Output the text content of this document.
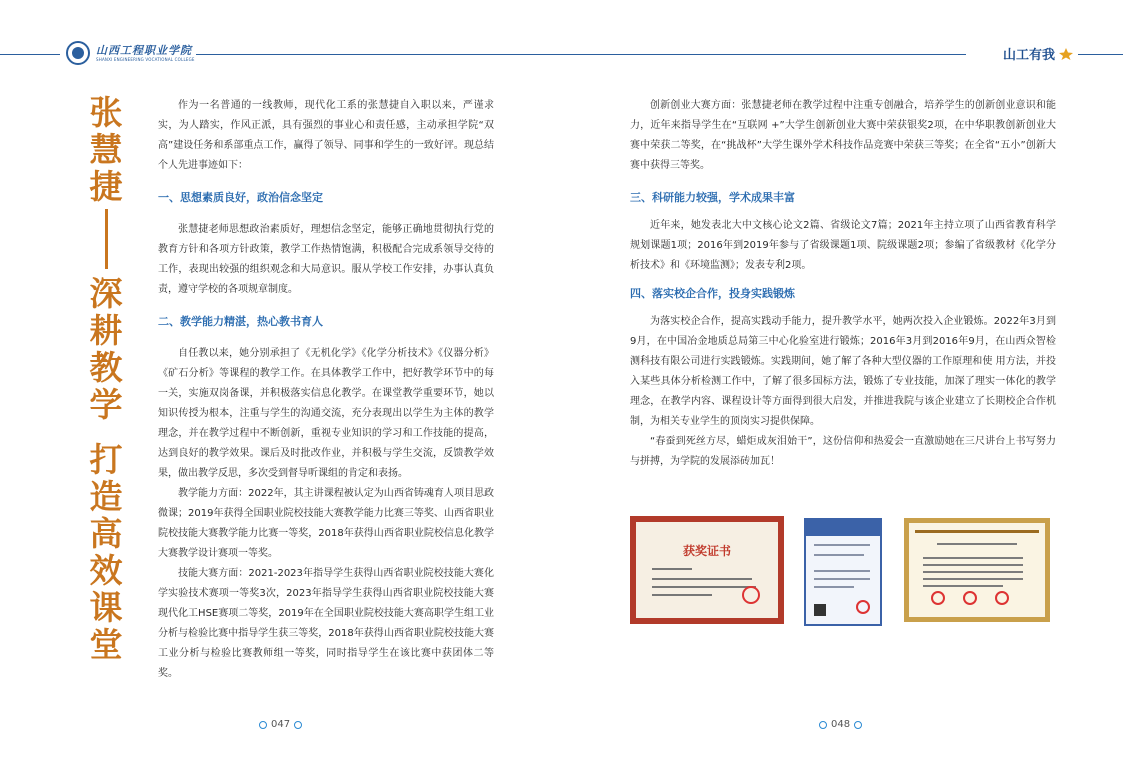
山西工程职业学院
SHANXI ENGINEERING VOCATIONAL COLLEGE	山工有我
张
慧
捷
深
耕
教
学
打
造
高
效
课
堂

作为一名普通的一线教师，现代化工系的张慧捷自入职以来，严谨求实，为人踏实，作风正派，具有强烈的事业心和责任感，主动承担学院“双高”建设任务和系部重点工作，赢得了领导、同事和学生的一致好评。现总结个人先进事迹如下：

一、思想素质良好，政治信念坚定

张慧捷老师思想政治素质好，理想信念坚定，能够正确地贯彻执行党的教育方针和各项方针政策，教学工作热情饱满，积极配合完成系领导交待的工作，表现出较强的组织观念和大局意识。服从学校工作安排，办事认真负责，遵守学校的各项规章制度。

二、教学能力精湛，热心教书育人

自任教以来，她分别承担了《无机化学》《化学分析技术》《仪器分析》《矿石分析》等课程的教学工作。在具体教学工作中，把好教学环节中的每一关，实施双岗备课，并积极落实信息化教学。在课堂教学重要环节，她以知识传授为根本，注重与学生的沟通交流，充分表现出以学生为主体的教学理念，并在教学过程中不断创新，重视专业知识的学习和工作技能的提高，达到良好的教学效果。课后及时批改作业，并积极与学生交流，反馈教学效果，做出教学反思，多次受到督导听课组的肯定和表扬。

教学能力方面：2022年，其主讲课程被认定为山西省铸魂育人项目思政微课；2019年获得全国职业院校技能大赛教学能力比赛三等奖、山西省职业院校技能大赛教学能力比赛一等奖，2018年获得山西省职业院校信息化教学大赛教学设计赛项一等奖。

技能大赛方面：2021-2023年指导学生获得山西省职业院校技能大赛化学实验技术赛项一等奖3次，2023年指导学生获得山西省职业院校技能大赛现代化工HSE赛项二等奖，2019年在全国职业院校技能大赛高职学生组工业分析与检验比赛中指导学生获三等奖，2018年获得山西省职业院校技能大赛工业分析与检验比赛教师组一等奖，同时指导学生在该比赛中获团体二等奖。

创新创业大赛方面：张慧捷老师在教学过程中注重专创融合，培养学生的创新创业意识和能力，近年来指导学生在“互联网 +”大学生创新创业大赛中荣获银奖2项，在中华职教创新创业大赛中荣获二等奖，在“挑战杯”大学生课外学术科技作品竞赛中荣获三等奖；在全省“五小”创新大赛中获得三等奖。

三、科研能力较强，学术成果丰富

近年来，她发表北大中文核心论文2篇、省级论文7篇；2021年主持立项了山西省教育科学规划课题1项；2016年到2019年参与了省级课题1项、院级课题2项；参编了省级教材《化学分析技术》和《环境监测》；发表专利2项。

四、落实校企合作，投身实践锻炼

为落实校企合作，提高实践动手能力，提升教学水平，她两次投入企业锻炼。2022年3月到9月，在中国冶金地质总局第三中心化验室进行锻炼；2016年3月到2016年9月，在山西众智检测科技有限公司进行实践锻炼。实践期间，她了解了各种大型仪器的工作原理和使 用方法，并投入某些具体分析检测工作中，了解了很多国标方法，锻炼了专业技能，加深了理实一体化的教学理念，在教学内容、课程设计等方面得到很大启发，并推进我院与该企业建立了长期校企合作机制，为相关专业学生的顶岗实习提供保障。

“春蚕到死丝方尽，蜡炬成灰泪始干”，这份信仰和热爱会一直激励她在三尺讲台上书写努力与拼搏，为学院的发展添砖加瓦！

获奖证书
047	048
